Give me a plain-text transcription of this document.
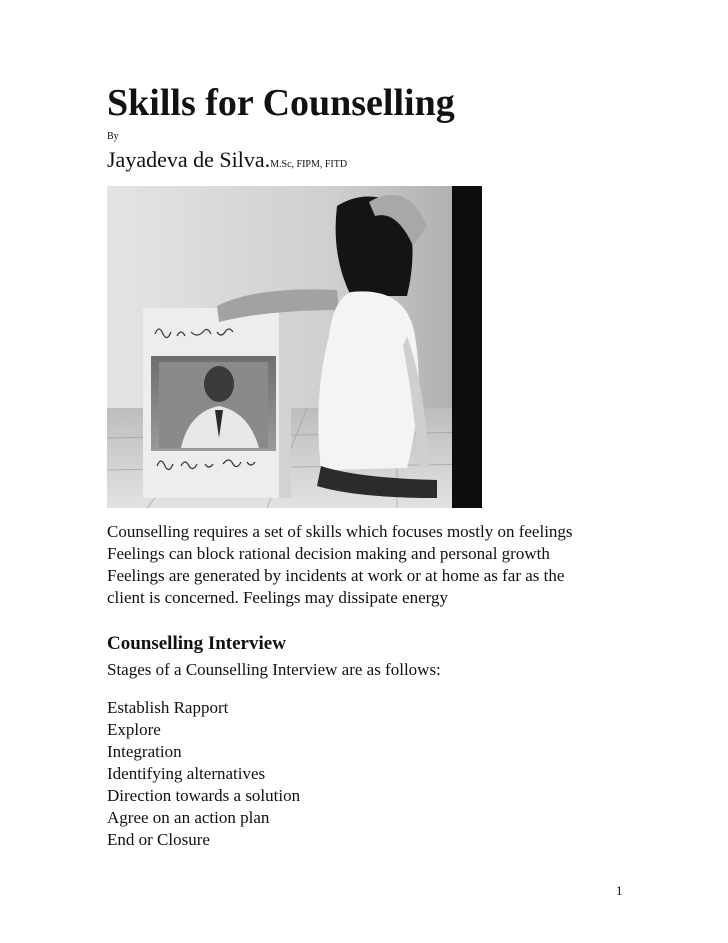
Skills for Counselling
By
Jayadeva de Silva.M.Sc, FIPM, FITD

Counselling requires a set of skills which focuses mostly on feelings
Feelings can block rational decision making and personal growth
Feelings are generated by incidents at work or at home as far as the
client is concerned. Feelings may dissipate energy

Counselling Interview
Stages of a Counselling Interview are as follows:
Establish Rapport
Explore
Integration
Identifying alternatives
Direction towards a solution
Agree on an action plan
End or Closure
1
